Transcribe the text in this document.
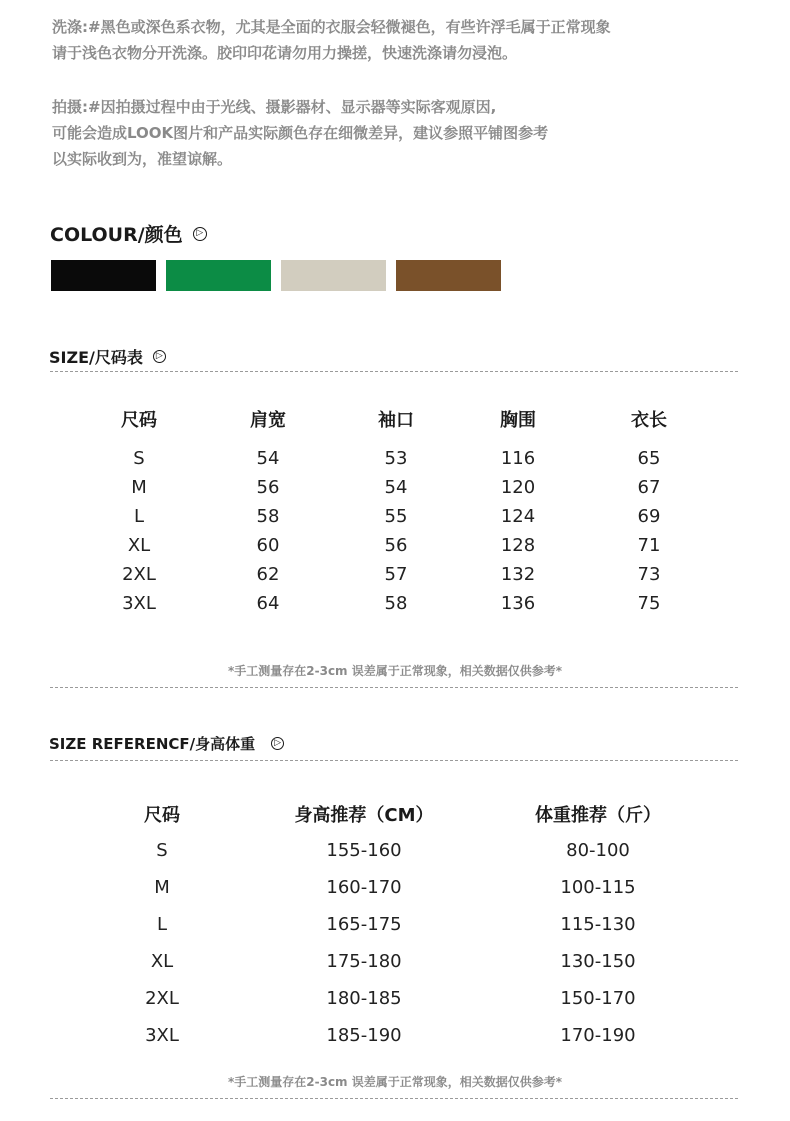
洗涤:#黑色或深色系衣物，尤其是全面的衣服会轻微褪色，有些许浮毛属于正常现象

请于浅色衣物分开洗涤。胶印印花请勿用力操搓，快速洗涤请勿浸泡。

拍摄:#因拍摄过程中由于光线、摄影器材、显示器等实际客观原因,

可能会造成LOOK图片和产品实际颜色存在细微差异，建议参照平铺图参考

以实际收到为，准望谅解。

COLOUR/颜色	▷
SIZE/尺码表	▷
尺码	肩宽	袖口	胸围	衣长
S	54	53	116	65
M	56	54	120	67
L	58	55	124	69
XL	60	56	128	71
2XL	62	57	132	73
3XL	64	58	136	75
*手工测量存在2-3cm 误差属于正常现象，相关数据仅供参考*
SIZE REFERENCF/身高体重	▷
尺码	身高推荐（CM）	体重推荐（斤）
S	155-160	80-100
M	160-170	100-115
L	165-175	115-130
XL	175-180	130-150
2XL	180-185	150-170
3XL	185-190	170-190
*手工测量存在2-3cm 误差属于正常现象，相关数据仅供参考*
